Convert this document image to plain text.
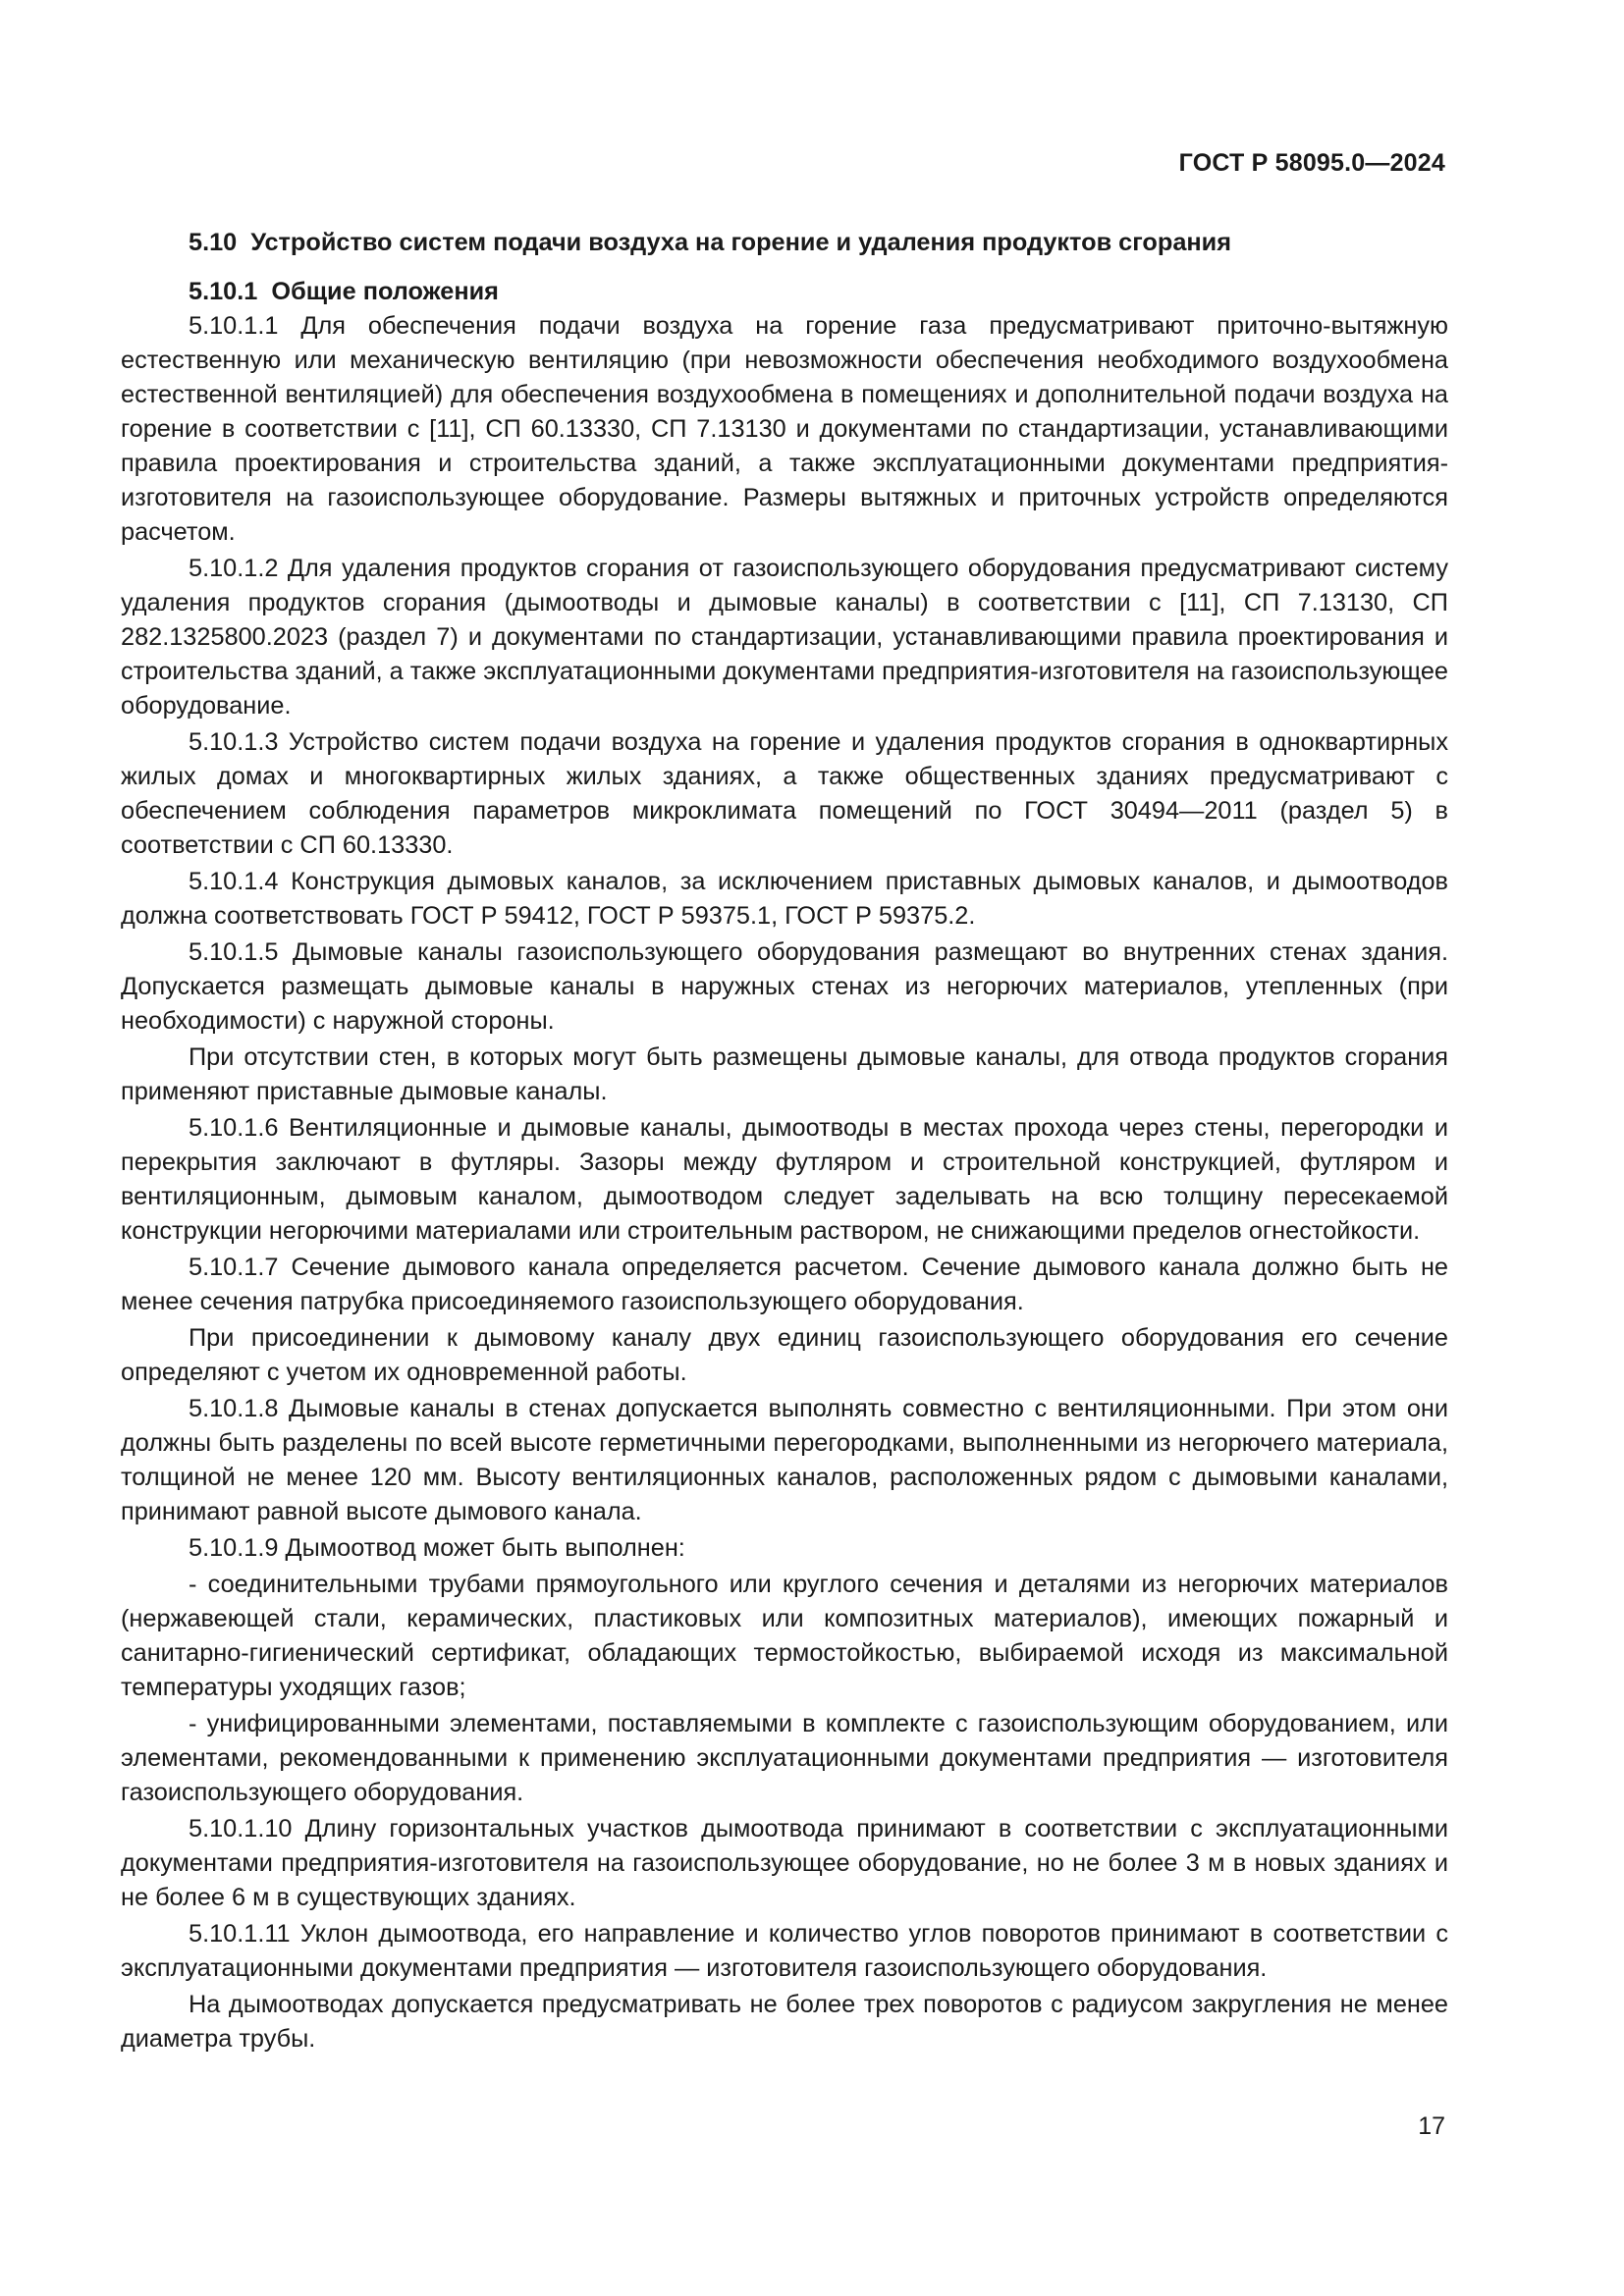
ГОСТ Р 58095.0—2024

5.10 Устройство систем подачи воздуха на горение и удаления продуктов сгорания

5.10.1 Общие положения

5.10.1.1 Для обеспечения подачи воздуха на горение газа предусматривают приточно-вытяжную естественную или механическую вентиляцию (при невозможности обеспечения необходимого воздухообмена естественной вентиляцией) для обеспечения воздухообмена в помещениях и дополнительной подачи воздуха на горение в соответствии с [11], СП 60.13330, СП 7.13130 и документами по стандартизации, устанавливающими правила проектирования и строительства зданий, а также эксплуатационными документами предприятия-изготовителя на газоиспользующее оборудование. Размеры вытяжных и приточных устройств определяются расчетом.

5.10.1.2 Для удаления продуктов сгорания от газоиспользующего оборудования предусматривают систему удаления продуктов сгорания (дымоотводы и дымовые каналы) в соответствии с [11], СП 7.13130, СП 282.1325800.2023 (раздел 7) и документами по стандартизации, устанавливающими правила проектирования и строительства зданий, а также эксплуатационными документами предприятия-изготовителя на газоиспользующее оборудование.

5.10.1.3 Устройство систем подачи воздуха на горение и удаления продуктов сгорания в одноквартирных жилых домах и многоквартирных жилых зданиях, а также общественных зданиях предусматривают с обеспечением соблюдения параметров микроклимата помещений по ГОСТ 30494—2011 (раздел 5) в соответствии с СП 60.13330.

5.10.1.4 Конструкция дымовых каналов, за исключением приставных дымовых каналов, и дымоотводов должна соответствовать ГОСТ Р 59412, ГОСТ Р 59375.1, ГОСТ Р 59375.2.

5.10.1.5 Дымовые каналы газоиспользующего оборудования размещают во внутренних стенах здания. Допускается размещать дымовые каналы в наружных стенах из негорючих материалов, утепленных (при необходимости) с наружной стороны.

При отсутствии стен, в которых могут быть размещены дымовые каналы, для отвода продуктов сгорания применяют приставные дымовые каналы.

5.10.1.6 Вентиляционные и дымовые каналы, дымоотводы в местах прохода через стены, перегородки и перекрытия заключают в футляры. Зазоры между футляром и строительной конструкцией, футляром и вентиляционным, дымовым каналом, дымоотводом следует заделывать на всю толщину пересекаемой конструкции негорючими материалами или строительным раствором, не снижающими пределов огнестойкости.

5.10.1.7 Сечение дымового канала определяется расчетом. Сечение дымового канала должно быть не менее сечения патрубка присоединяемого газоиспользующего оборудования.

При присоединении к дымовому каналу двух единиц газоиспользующего оборудования его сечение определяют с учетом их одновременной работы.

5.10.1.8 Дымовые каналы в стенах допускается выполнять совместно с вентиляционными. При этом они должны быть разделены по всей высоте герметичными перегородками, выполненными из негорючего материала, толщиной не менее 120 мм. Высоту вентиляционных каналов, расположенных рядом с дымовыми каналами, принимают равной высоте дымового канала.

5.10.1.9 Дымоотвод может быть выполнен:

- соединительными трубами прямоугольного или круглого сечения и деталями из негорючих материалов (нержавеющей стали, керамических, пластиковых или композитных материалов), имеющих пожарный и санитарно-гигиенический сертификат, обладающих термостойкостью, выбираемой исходя из максимальной температуры уходящих газов;

- унифицированными элементами, поставляемыми в комплекте с газоиспользующим оборудованием, или элементами, рекомендованными к применению эксплуатационными документами предприятия — изготовителя газоиспользующего оборудования.

5.10.1.10 Длину горизонтальных участков дымоотвода принимают в соответствии с эксплуатационными документами предприятия-изготовителя на газоиспользующее оборудование, но не более 3 м в новых зданиях и не более 6 м в существующих зданиях.

5.10.1.11 Уклон дымоотвода, его направление и количество углов поворотов принимают в соответствии с эксплуатационными документами предприятия — изготовителя газоиспользующего оборудования.

На дымоотводах допускается предусматривать не более трех поворотов с радиусом закругления не менее диаметра трубы.

17
